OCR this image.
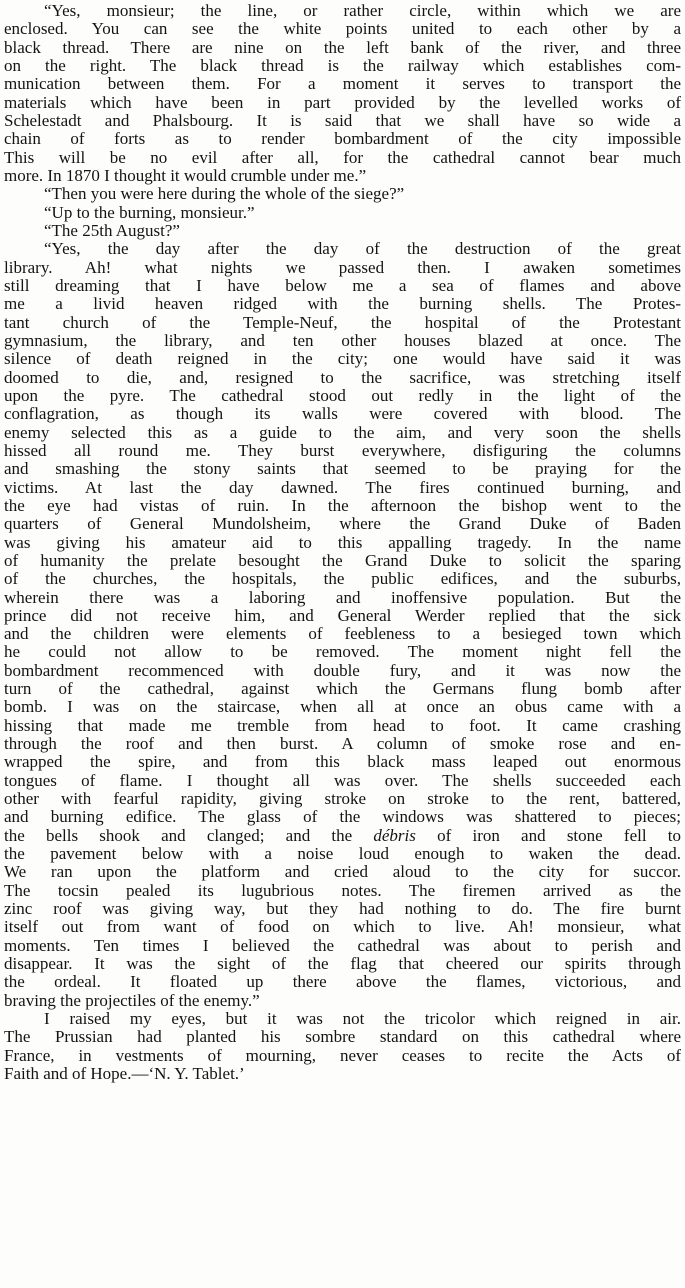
“Yes, monsieur; the line, or rather circle, within which we are
enclosed. You can see the white points united to each other by a
black thread. There are nine on the left bank of the river, and three
on the right. The black thread is the railway which establishes com-
munication between them. For a moment it serves to transport the
materials which have been in part provided by the levelled works of
Schelestadt and Phalsbourg. It is said that we shall have so wide a
chain of forts as to render bombardment of the city impossible
This will be no evil after all, for the cathedral cannot bear much
more. In 1870 I thought it would crumble under me.”
“Then you were here during the whole of the siege?”
“Up to the burning, monsieur.”
“The 25th August?”
“Yes, the day after the day of the destruction of the great
library. Ah! what nights we passed then. I awaken sometimes
still dreaming that I have below me a sea of flames and above
me a livid heaven ridged with the burning shells. The Protes-
tant church of the Temple-Neuf, the hospital of the Protestant
gymnasium, the library, and ten other houses blazed at once. The
silence of death reigned in the city; one would have said it was
doomed to die, and, resigned to the sacrifice, was stretching itself
upon the pyre. The cathedral stood out redly in the light of the
conflagration, as though its walls were covered with blood. The
enemy selected this as a guide to the aim, and very soon the shells
hissed all round me. They burst everywhere, disfiguring the columns
and smashing the stony saints that seemed to be praying for the
victims. At last the day dawned. The fires continued burning, and
the eye had vistas of ruin. In the afternoon the bishop went to the
quarters of General Mundolsheim, where the Grand Duke of Baden
was giving his amateur aid to this appalling tragedy. In the name
of humanity the prelate besought the Grand Duke to solicit the sparing
of the churches, the hospitals, the public edifices, and the suburbs,
wherein there was a laboring and inoffensive population. But the
prince did not receive him, and General Werder replied that the sick
and the children were elements of feebleness to a besieged town which
he could not allow to be removed. The moment night fell the
bombardment recommenced with double fury, and it was now the
turn of the cathedral, against which the Germans flung bomb after
bomb. I was on the staircase, when all at once an obus came with a
hissing that made me tremble from head to foot. It came crashing
through the roof and then burst. A column of smoke rose and en-
wrapped the spire, and from this black mass leaped out enormous
tongues of flame. I thought all was over. The shells succeeded each
other with fearful rapidity, giving stroke on stroke to the rent, battered,
and burning edifice. The glass of the windows was shattered to pieces;
the bells shook and clanged; and the débris of iron and stone fell to
the pavement below with a noise loud enough to waken the dead.
We ran upon the platform and cried aloud to the city for succor.
The tocsin pealed its lugubrious notes. The firemen arrived as the
zinc roof was giving way, but they had nothing to do. The fire burnt
itself out from want of food on which to live. Ah! monsieur, what
moments. Ten times I believed the cathedral was about to perish and
disappear. It was the sight of the flag that cheered our spirits through
the ordeal. It floated up there above the flames, victorious, and
braving the projectiles of the enemy.”
I raised my eyes, but it was not the tricolor which reigned in air.
The Prussian had planted his sombre standard on this cathedral where
France, in vestments of mourning, never ceases to recite the Acts of
Faith and of Hope.—‘N. Y. Tablet.’
